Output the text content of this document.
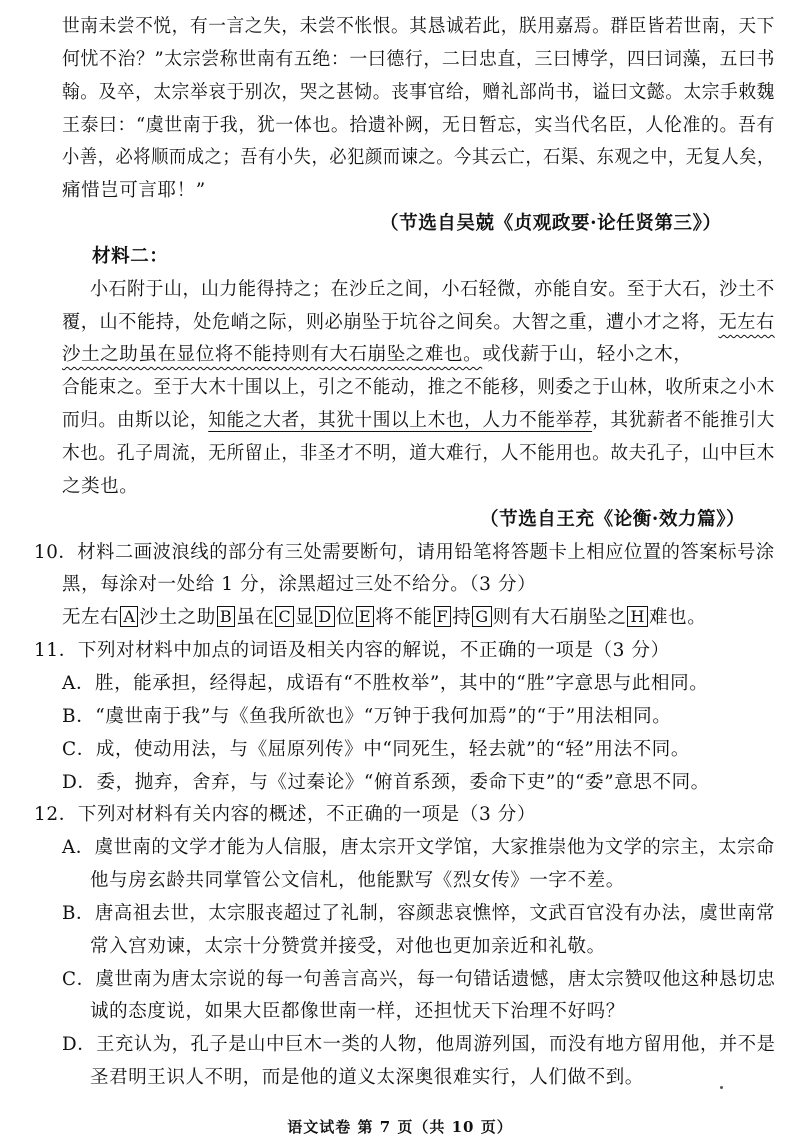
世南未尝不悦，有一言之失，未尝不怅恨。其恳诚若此，朕用嘉焉。群臣皆若世南，天下
何忧不治？”太宗尝称世南有五绝：一曰德行，二曰忠直，三曰博学，四曰词藻，五曰书
翰。及卒，太宗举哀于别次，哭之甚恸。丧事官给，赠礼部尚书，谥曰文懿。太宗手敕魏
王泰曰：“虞世南于我，犹一体也。拾遗补阙，无日暂忘，实当代名臣，人伦准的。吾有
小善，必将顺而成之；吾有小失，必犯颜而谏之。今其云亡，石渠、东观之中，无复人矣，
痛惜岂可言耶！”
（节选自吴兢《贞观政要·论任贤第三》）
材料二：
小石附于山，山力能得持之；在沙丘之间，小石轻微，亦能自安。至于大石，沙土不
覆，山不能持，处危峭之际，则必崩坠于坑谷之间矣。大智之重，遭小才之将，无左右
沙土之助虽在显位将不能持则有大石崩坠之难也。或伐薪于山，轻小之木，
合能束之。至于大木十围以上，引之不能动，推之不能移，则委之于山林，收所束之小木
而归。由斯以论，知能之大者，其犹十围以上木也，人力不能举荐，其犹薪者不能推引大
木也。孔子周流，无所留止，非圣才不明，道大难行，人不能用也。故夫孔子，山中巨木
之类也。
（节选自王充《论衡·效力篇》）
10．材料二画波浪线的部分有三处需要断句，请用铅笔将答题卡上相应位置的答案标号涂
黑，每涂对一处给 1 分，涂黑超过三处不给分。（3 分）
无左右 A 沙土之助 B 虽在 C 显 D 位 E 将不能 F 持 G 则有大石崩坠之 H 难也。
11．下列对材料中加点的词语及相关内容的解说，不正确的一项是（3 分）
A．胜，能承担，经得起，成语有“不胜枚举”，其中的“胜”字意思与此相同。
B．“虞世南于我”与《鱼我所欲也》“万钟于我何加焉”的“于”用法相同。
C．成，使动用法，与《屈原列传》中“同死生，轻去就”的“轻”用法不同。
D．委，抛弃，舍弃，与《过秦论》“俯首系颈，委命下吏”的“委”意思不同。
12．下列对材料有关内容的概述，不正确的一项是（3 分）
A．虞世南的文学才能为人信服，唐太宗开文学馆，大家推崇他为文学的宗主，太宗命
他与房玄龄共同掌管公文信札，他能默写《烈女传》一字不差。
B．唐高祖去世，太宗服丧超过了礼制，容颜悲哀憔悴，文武百官没有办法，虞世南常
常入宫劝谏，太宗十分赞赏并接受，对他也更加亲近和礼敬。
C．虞世南为唐太宗说的每一句善言高兴，每一句错话遗憾，唐太宗赞叹他这种恳切忠
诚的态度说，如果大臣都像世南一样，还担忧天下治理不好吗？
D．王充认为，孔子是山中巨木一类的人物，他周游列国，而没有地方留用他，并不是
圣君明王识人不明，而是他的道义太深奥很难实行，人们做不到。
语文试卷 第 7 页（共 10 页）
